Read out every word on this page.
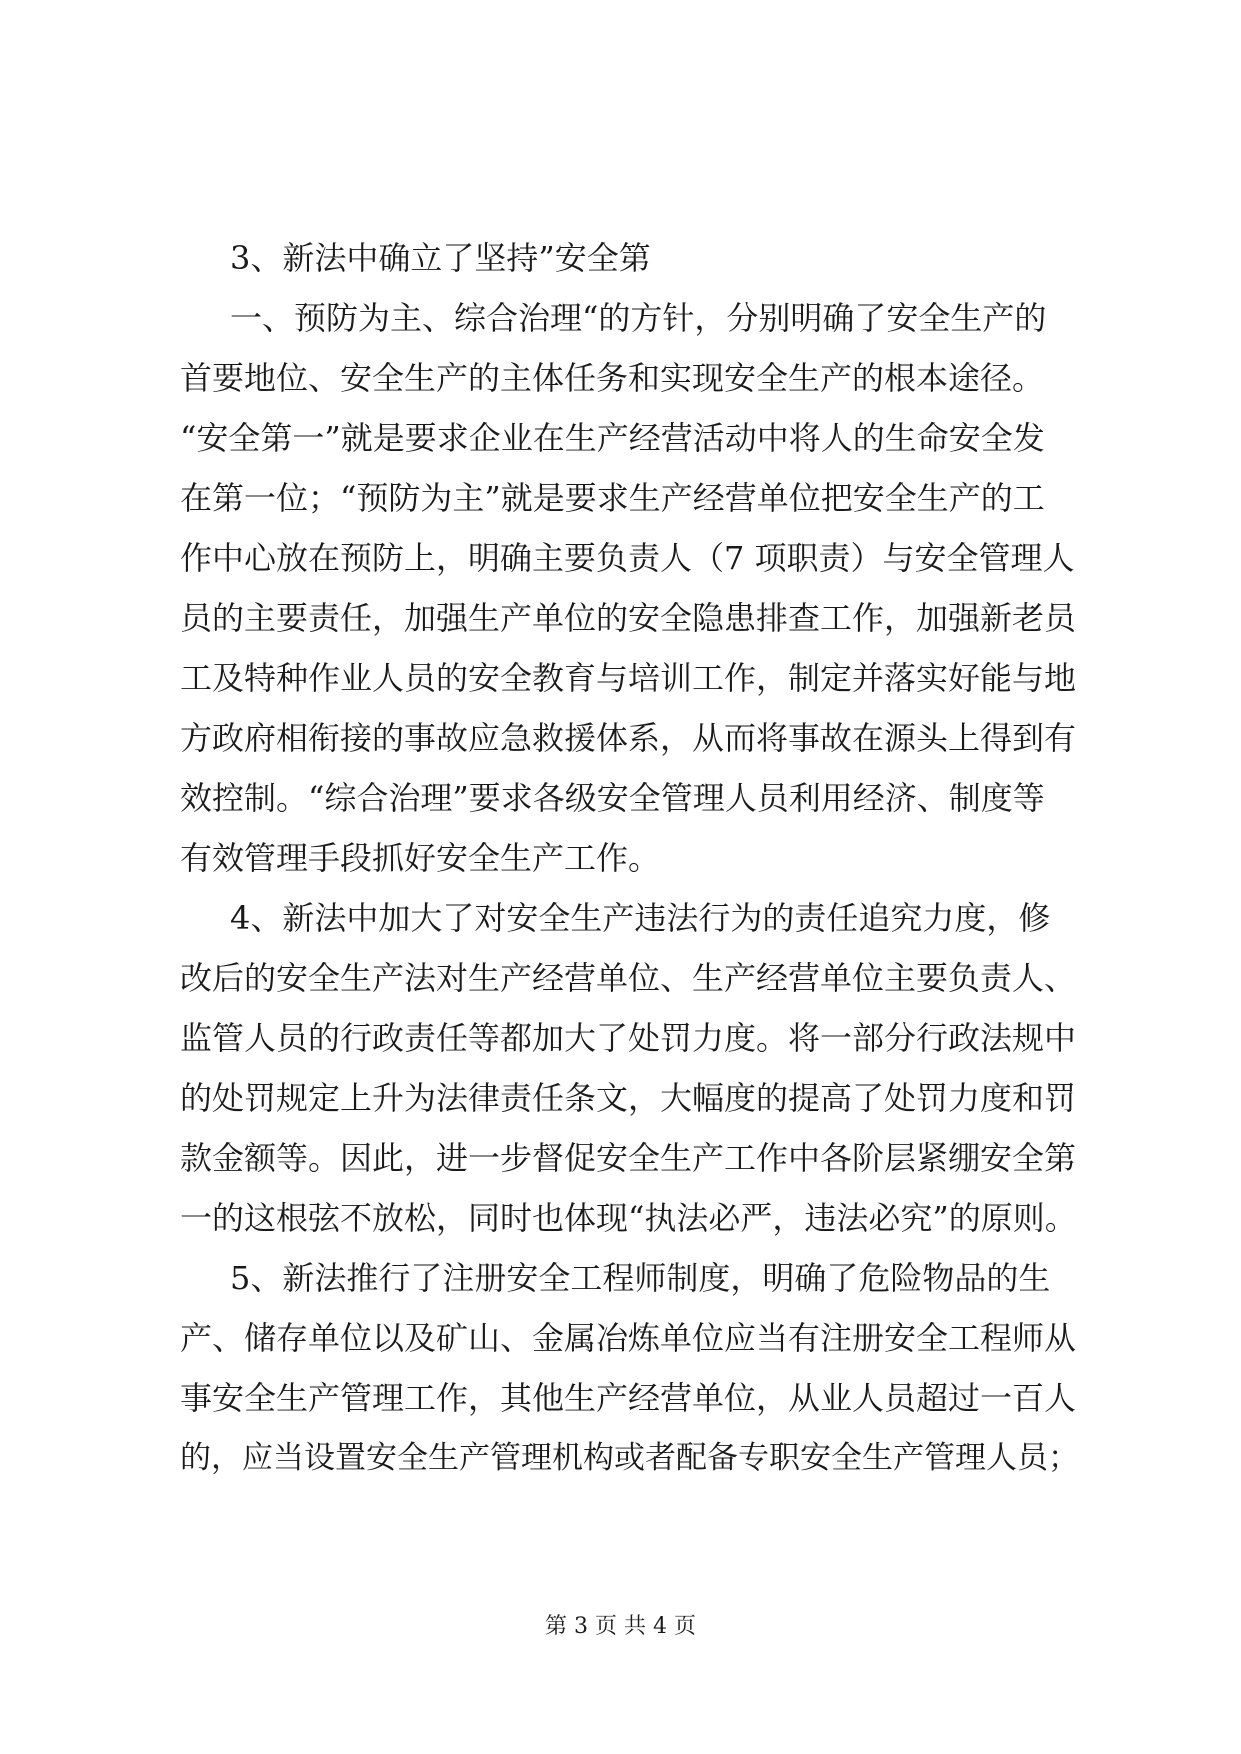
3、新法中确立了坚持”安全第
一、预防为主、综合治理“的方针，分别明确了安全生产的
首要地位、安全生产的主体任务和实现安全生产的根本途径。
“安全第一”就是要求企业在生产经营活动中将人的生命安全发
在第一位；“预防为主”就是要求生产经营单位把安全生产的工
作中心放在预防上，明确主要负责人（7 项职责）与安全管理人
员的主要责任，加强生产单位的安全隐患排查工作，加强新老员
工及特种作业人员的安全教育与培训工作，制定并落实好能与地
方政府相衔接的事故应急救援体系，从而将事故在源头上得到有
效控制。“综合治理”要求各级安全管理人员利用经济、制度等
有效管理手段抓好安全生产工作。
4、新法中加大了对安全生产违法行为的责任追究力度，修
改后的安全生产法对生产经营单位、生产经营单位主要负责人、
监管人员的行政责任等都加大了处罚力度。将一部分行政法规中
的处罚规定上升为法律责任条文，大幅度的提高了处罚力度和罚
款金额等。因此，进一步督促安全生产工作中各阶层紧绷安全第
一的这根弦不放松，同时也体现“执法必严，违法必究”的原则。
5、新法推行了注册安全工程师制度，明确了危险物品的生
产、储存单位以及矿山、金属冶炼单位应当有注册安全工程师从
事安全生产管理工作，其他生产经营单位，从业人员超过一百人
的，应当设置安全生产管理机构或者配备专职安全生产管理人员；
第 3 页 共 4 页
